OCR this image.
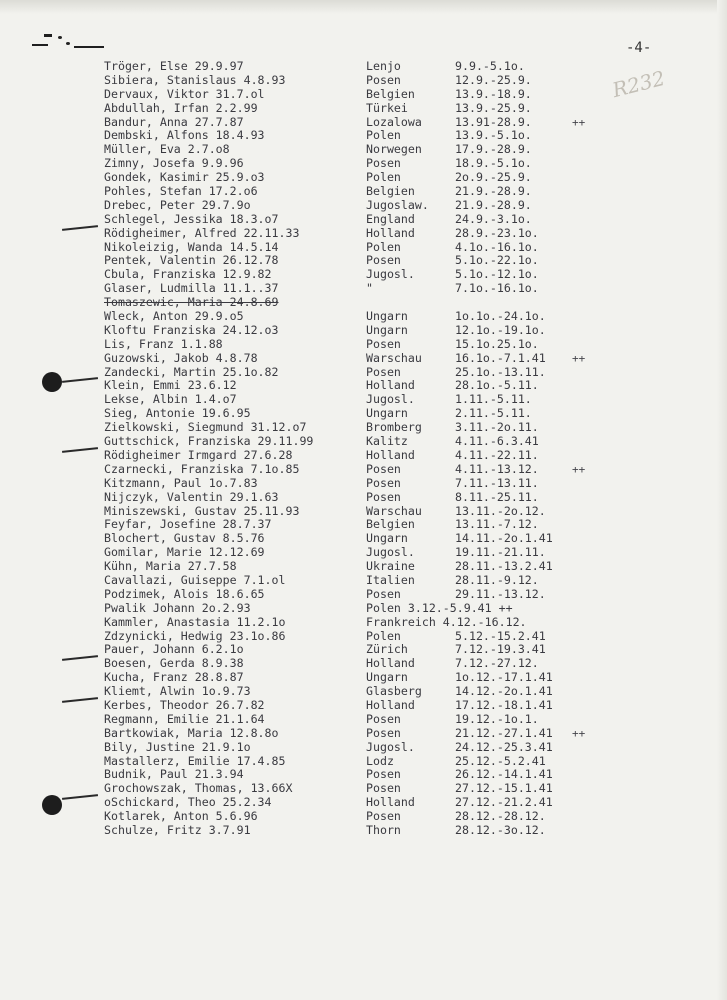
-4-
R232
Tröger, Else 29.9.97	Lenjo	9.9.-5.1o.
Sibiera, Stanislaus 4.8.93	Posen	12.9.-25.9.
Dervaux, Viktor 31.7.ol	Belgien	13.9.-18.9.
Abdullah, Irfan 2.2.99	Türkei	13.9.-25.9.
Bandur, Anna 27.7.87	Lozalowa	13.91-28.9.	++
Dembski, Alfons 18.4.93	Polen	13.9.-5.1o.
Müller, Eva 2.7.o8	Norwegen	17.9.-28.9.
Zimny, Josefa 9.9.96	Posen	18.9.-5.1o.
Gondek, Kasimir 25.9.o3	Polen	2o.9.-25.9.
Pohles, Stefan 17.2.o6	Belgien	21.9.-28.9.
Drebec, Peter 29.7.9o	Jugoslaw. 21.9.-28.9.
Schlegel, Jessika 18.3.o7	England	24.9.-3.1o.
Rödigheimer, Alfred 22.11.33	Holland	28.9.-23.1o.
Nikoleizig, Wanda 14.5.14	Polen	4.1o.-16.1o.
Pentek, Valentin 26.12.78	Posen	5.1o.-22.1o.
Cbula, Franziska 12.9.82	Jugosl.	5.1o.-12.1o.
Glaser, Ludmilla 11.1..37	"	7.1o.-16.1o.
Tomaszewic, Maria 24.8.69
Wleck, Anton 29.9.o5	Ungarn	1o.1o.-24.1o.
Kloftu Franziska 24.12.o3	Ungarn	12.1o.-19.1o.
Lis, Franz 1.1.88	Posen	15.1o.25.1o.
Guzowski, Jakob 4.8.78	Warschau	16.1o.-7.1.41 ++
Zandecki, Martin 25.1o.82	Posen	25.1o.-13.11.
Klein, Emmi 23.6.12	Holland	28.1o.-5.11.
Lekse, Albin 1.4.o7	Jugosl.	1.11.-5.11.
Sieg, Antonie 19.6.95	Ungarn	2.11.-5.11.
Zielkowski, Siegmund 31.12.o7	Bromberg	3.11.-2o.11.
Guttschick, Franziska 29.11.99	Kalitz	4.11.-6.3.41
Rödigheimer Irmgard 27.6.28	Holland	4.11.-22.11.
Czarnecki, Franziska 7.1o.85	Posen	4.11.-13.12.	++
Kitzmann, Paul 1o.7.83	Posen	7.11.-13.11.
Nijczyk, Valentin 29.1.63	Posen	8.11.-25.11.
Miniszewski, Gustav 25.11.93	Warschau	13.11.-2o.12.
Feyfar, Josefine 28.7.37	Belgien	13.11.-7.12.
Blochert, Gustav 8.5.76	Ungarn	14.11.-2o.1.41
Gomilar, Marie 12.12.69	Jugosl.	19.11.-21.11.
Kühn, Maria 27.7.58	Ukraine	28.11.-13.2.41
Cavallazi, Guiseppe 7.1.ol	Italien	28.11.-9.12.
Podzimek, Alois 18.6.65	Posen	29.11.-13.12.
Pwalik Johann 2o.2.93	Polen 3.12.-5.9.41 ++
Kammler, Anastasia 11.2.1o	Frankreich 4.12.-16.12.
Zdzynicki, Hedwig 23.1o.86	Polen	5.12.-15.2.41
Pauer, Johann 6.2.1o	Zürich	7.12.-19.3.41
Boesen, Gerda 8.9.38	Holland	7.12.-27.12.
Kucha, Franz 28.8.87	Ungarn	1o.12.-17.1.41
Kliemt, Alwin 1o.9.73	Glasberg	14.12.-2o.1.41
Kerbes, Theodor 26.7.82	Holland	17.12.-18.1.41
Regmann, Emilie 21.1.64	Posen	19.12.-1o.1.
Bartkowiak, Maria 12.8.8o	Posen	21.12.-27.1.41 ++
Bily, Justine 21.9.1o	Jugosl.	24.12.-25.3.41
Mastallerz, Emilie 17.4.85	Lodz	25.12.-5.2.41
Budnik, Paul 21.3.94	Posen	26.12.-14.1.41
Grochowszak, Thomas, 13.66X	Posen	27.12.-15.1.41
oSchickard, Theo 25.2.34	Holland	27.12.-21.2.41
Kotlarek, Anton 5.6.96	Posen	28.12.-28.12.
Schulze, Fritz 3.7.91	Thorn	28.12.-3o.12.
